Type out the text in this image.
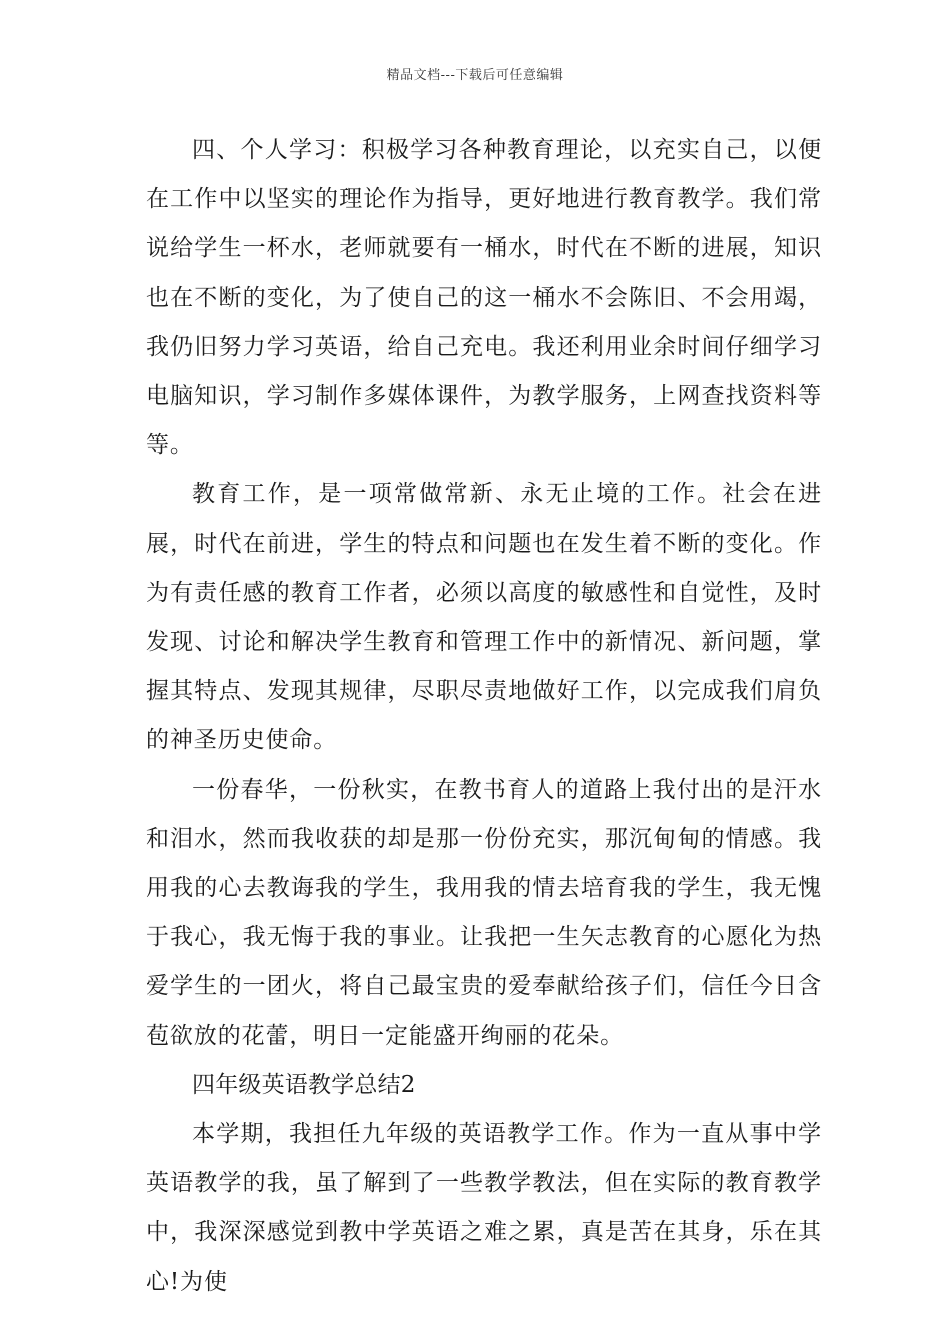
精品文档---下载后可任意编辑

四、个人学习：积极学习各种教育理论，以充实自己，以便在工作中以坚实的理论作为指导，更好地进行教育教学。我们常说给学生一杯水，老师就要有一桶水，时代在不断的进展，知识也在不断的变化，为了使自己的这一桶水不会陈旧、不会用竭，我仍旧努力学习英语，给自己充电。我还利用业余时间仔细学习电脑知识，学习制作多媒体课件，为教学服务，上网查找资料等等。

教育工作，是一项常做常新、永无止境的工作。社会在进展，时代在前进，学生的特点和问题也在发生着不断的变化。作为有责任感的教育工作者，必须以高度的敏感性和自觉性，及时发现、讨论和解决学生教育和管理工作中的新情况、新问题，掌握其特点、发现其规律，尽职尽责地做好工作，以完成我们肩负的神圣历史使命。

一份春华，一份秋实，在教书育人的道路上我付出的是汗水和泪水，然而我收获的却是那一份份充实，那沉甸甸的情感。我用我的心去教诲我的学生，我用我的情去培育我的学生，我无愧于我心，我无悔于我的事业。让我把一生矢志教育的心愿化为热爱学生的一团火，将自己最宝贵的爱奉献给孩子们，信任今日含苞欲放的花蕾，明日一定能盛开绚丽的花朵。

四年级英语教学总结2

本学期，我担任九年级的英语教学工作。作为一直从事中学英语教学的我，虽了解到了一些教学教法，但在实际的教育教学中，我深深感觉到教中学英语之难之累，真是苦在其身，乐在其心!为使
